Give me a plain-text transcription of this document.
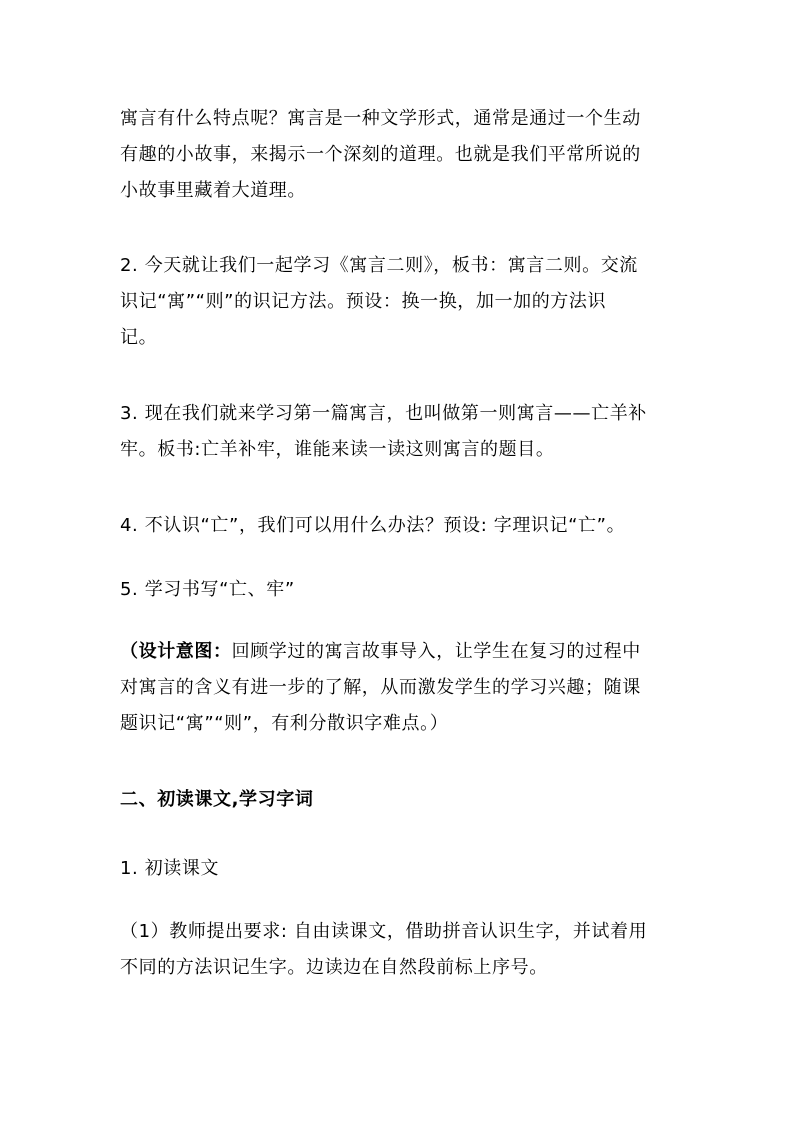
寓言有什么特点呢？寓言是一种文学形式，通常是通过一个生动
有趣的小故事，来揭示一个深刻的道理。也就是我们平常所说的
小故事里藏着大道理。
2. 今天就让我们一起学习《寓言二则》，板书：寓言二则。交流
识记“寓”“则”的识记方法。预设：换一换，加一加的方法识
记。
3. 现在我们就来学习第一篇寓言，也叫做第一则寓言——亡羊补
牢。板书:亡羊补牢，谁能来读一读这则寓言的题目。
4. 不认识“亡”，我们可以用什么办法？预设: 字理识记“亡”。
5. 学习书写“亡、牢”
（设计意图：回顾学过的寓言故事导入，让学生在复习的过程中
对寓言的含义有进一步的了解，从而激发学生的学习兴趣；随课
题识记“寓”“则”，有利分散识字难点。）
二、初读课文,学习字词
1. 初读课文
（1）教师提出要求: 自由读课文，借助拼音认识生字，并试着用
不同的方法识记生字。边读边在自然段前标上序号。
